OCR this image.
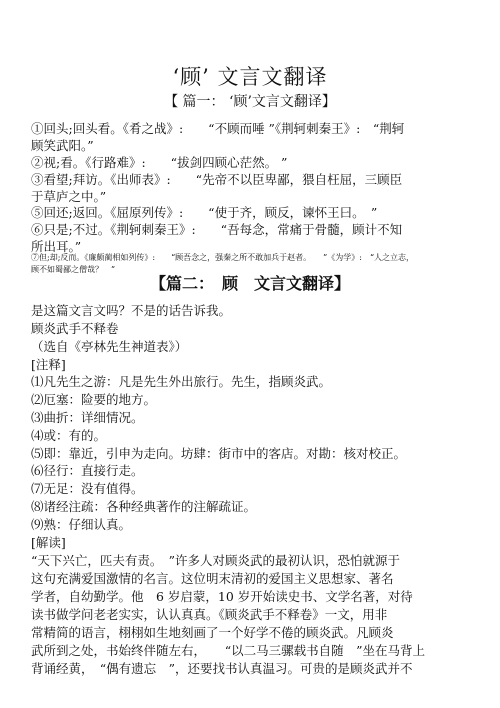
‘顾’ 文言文翻译
【 篇一： ‘顾’文言文翻译】
①回头;回头看。《肴之战》:　　“不顾而唾 ”《荆轲刺秦王》:　“荆轲
顾笑武阳。”
②视;看。《行路难》:　　“拔剑四顾心茫然。 ”
③看望;拜访。《出师表》:　　“先帝不以臣卑鄙，猥自枉屈，三顾臣
于草庐之中。”
⑤回还;返回。《屈原列传》:　　“使于齐，顾反，谏怀王曰。　”
⑥只是;不过。《荆轲刺秦王》:　　“吾每念，常痛于骨髓，顾计不知
所出耳。”
⑦但;却;反而。《廉颇蔺相如列传》:　　“顾吾念之，强秦之所不敢加兵于赵者。　　”《为学》:　“人之立志，
顾不如蜀鄙之僧哉？　”
【篇二：　顾　文言文翻译】
是这篇文言文吗？不是的话告诉我。
顾炎武手不释卷
（选自《亭林先生神道表》）
[注释]
⑴凡先生之游：凡是先生外出旅行。先生，指顾炎武。
⑵厄塞：险要的地方。
⑶曲折：详细情况。
⑷或：有的。
⑸即：靠近，引申为走向。坊肆：街市中的客店。对勘：核对校正。
⑹径行：直接行走。
⑺无足：没有值得。
⑻诸经注疏：各种经典著作的注解疏证。
⑼熟：仔细认真。
[解读]
“天下兴亡，匹夫有责。　”许多人对顾炎武的最初认识，恐怕就源于
这句充满爱国激情的名言。这位明末清初的爱国主义思想家、著名
学者，自幼勤学。他　6 岁启蒙，10 岁开始读史书、文学名著，对待
读书做学问老老实实，认认真真。《顾炎武手不释卷》一文，用非
常精简的语言，栩栩如生地刻画了一个好学不倦的顾炎武。凡顾炎
武所到之处，书始终伴随左右，　　“以二马三骡载书自随　”坐在马背上
背诵经黄，　“偶有遗忘　”，还要找书认真温习。可贵的是顾炎武并不
